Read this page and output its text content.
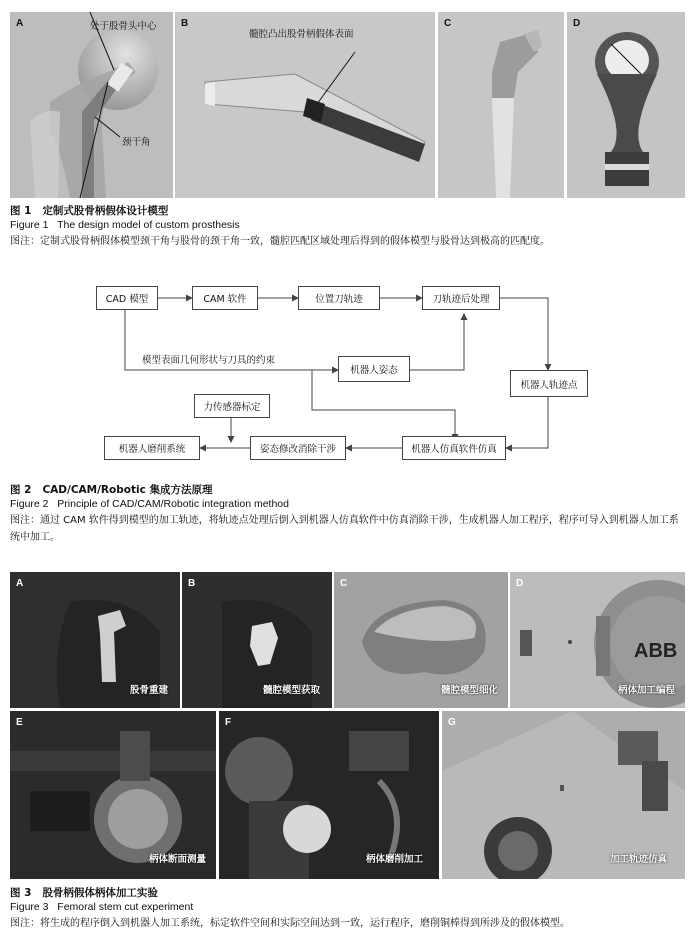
A	处于股骨头中心
颈干角
B
髓腔凸出股骨柄假体表面
C	D
图 1 定制式股骨柄假体设计模型
Figure 1 The design model of custom prosthesis
图注：定制式股骨柄假体模型颈干角与股骨的颈干角一致，髓腔匹配区域处理后得到的假体模型与股骨达到极高的匹配度。
CAD 模型	CAM 软件	位置刀轨迹	刀轨迹后处理
机器人姿态
机器人轨迹点
机器人仿真软件仿真
姿态修改消除干涉
机器人磨削系统
力传感器标定
模型表面几何形状与刀具的约束
图 2 CAD/CAM/Robotic 集成方法原理
Figure 2 Principle of CAD/CAM/Robotic integration method
图注：通过 CAM 软件得到模型的加工轨迹，将轨迹点处理后倒入到机器人仿真软件中仿真消除干涉，生成机器人加工程序，程序可导入到机器人加工系统中加工。
A
股骨重建
B
髓腔模型获取
C
髓腔模型细化
ABB
D
柄体加工编程
E
柄体断面测量
F
柄体磨削加工
G
加工轨迹仿真
图 3 股骨柄假体柄体加工实验
Figure 3 Femoral stem cut experiment
图注：将生成的程序倒入到机器人加工系统，标定软件空间和实际空间达到一致，运行程序，磨削铜棒得到所涉及的假体模型。
